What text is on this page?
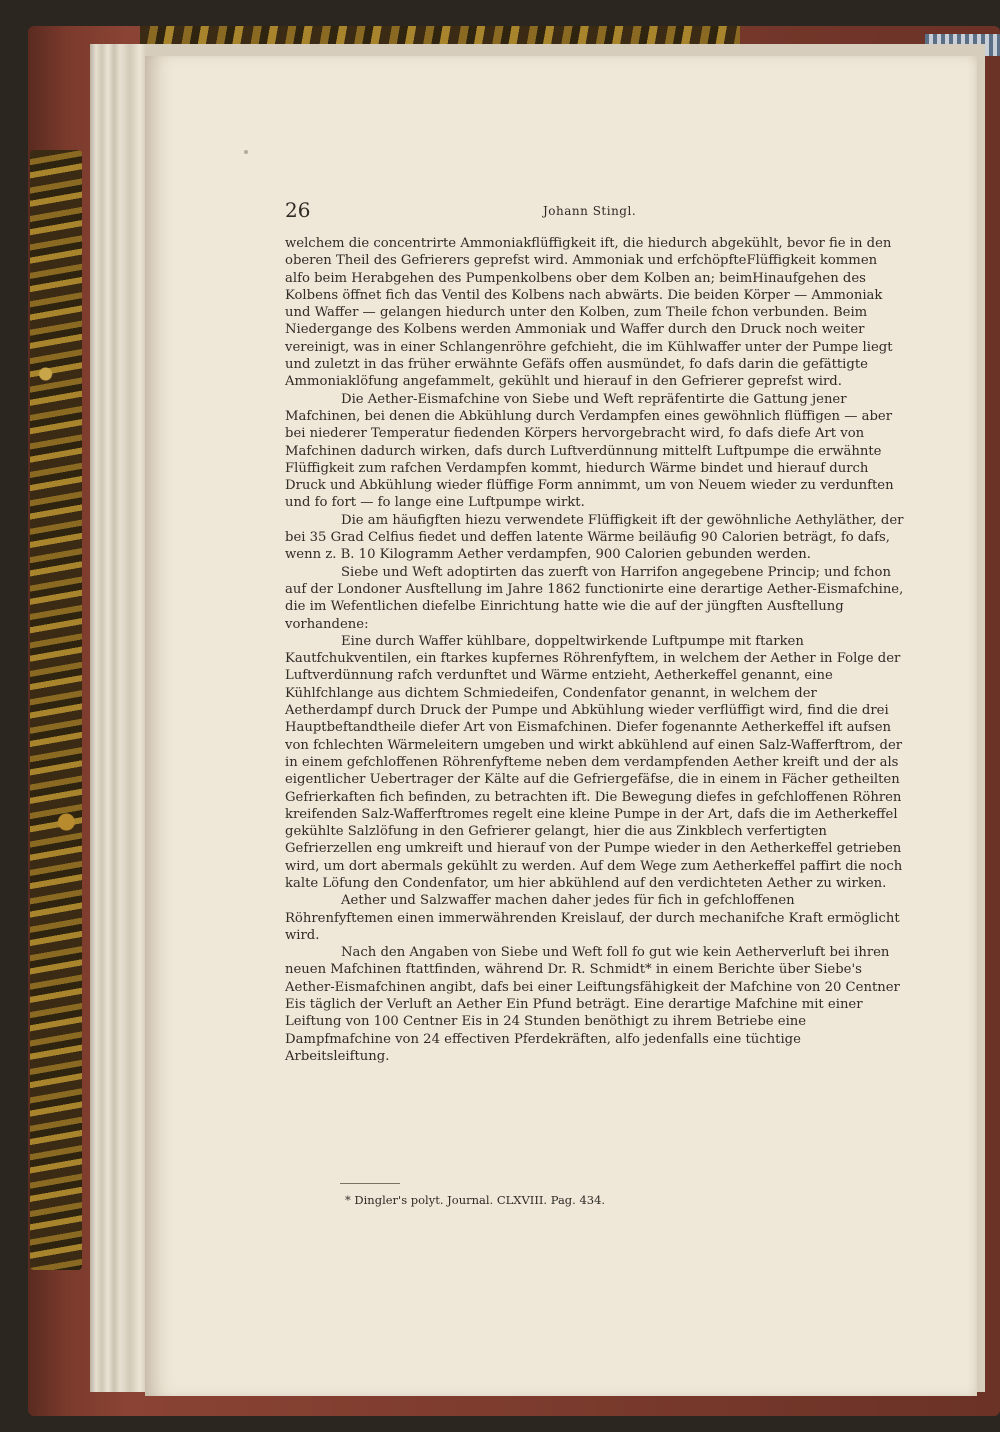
26	Johann Stingl.

welchem die concentrirte Ammoniakflüffigkeit ift, die hiedurch abgekühlt, bevor fie in den oberen Theil des Gefrierers geprefst wird. Ammoniak und erfchöpfteFlüffigkeit kommen alfo beim Herabgehen des Pumpenkolbens ober dem Kolben an; beimHinaufgehen des Kolbens öffnet fich das Ventil des Kolbens nach abwärts. Die beiden Körper — Ammoniak und Waffer — gelangen hiedurch unter den Kolben, zum Theile fchon verbunden. Beim Niedergange des Kolbens werden Ammoniak und Waffer durch den Druck noch weiter vereinigt, was in einer Schlangenröhre gefchieht, die im Kühlwaffer unter der Pumpe liegt und zuletzt in das früher erwähnte Gefäfs offen ausmündet, fo dafs darin die gefättigte Ammoniaklöfung angefammelt, gekühlt und hierauf in den Gefrierer geprefst wird.

Die Aether-Eismafchine von Siebe und Weft repräfentirte die Gattung jener Mafchinen, bei denen die Abkühlung durch Verdampfen eines gewöhnlich flüffigen — aber bei niederer Temperatur fiedenden Körpers hervorgebracht wird, fo dafs diefe Art von Mafchinen dadurch wirken, dafs durch Luftverdünnung mittelft Luftpumpe die erwähnte Flüffigkeit zum rafchen Verdampfen kommt, hiedurch Wärme bindet und hierauf durch Druck und Abkühlung wieder flüffige Form annimmt, um von Neuem wieder zu verdunften und fo fort — fo lange eine Luftpumpe wirkt.

Die am häufigften hiezu verwendete Flüffigkeit ift der gewöhnliche Aethyläther, der bei 35 Grad Celfius fiedet und deffen latente Wärme beiläufig 90 Calorien beträgt, fo dafs, wenn z. B. 10 Kilogramm Aether verdampfen, 900 Calorien gebunden werden.

Siebe und Weft adoptirten das zuerft von Harrifon angegebene Princip; und fchon auf der Londoner Ausftellung im Jahre 1862 functionirte eine derartige Aether-Eismafchine, die im Wefentlichen diefelbe Einrichtung hatte wie die auf der jüngften Ausftellung vorhandene:

Eine durch Waffer kühlbare, doppeltwirkende Luftpumpe mit ftarken Kautfchukventilen, ein ftarkes kupfernes Röhrenfyftem, in welchem der Aether in Folge der Luftverdünnung rafch verdunftet und Wärme entzieht, Aetherkeffel genannt, eine Kühlfchlange aus dichtem Schmiedeifen, Condenfator genannt, in welchem der Aetherdampf durch Druck der Pumpe und Abkühlung wieder verflüffigt wird, find die drei Hauptbeftandtheile diefer Art von Eismafchinen. Diefer fogenannte Aetherkeffel ift aufsen von fchlechten Wärmeleitern umgeben und wirkt abkühlend auf einen Salz-Wafferftrom, der in einem gefchloffenen Röhrenfyfteme neben dem verdampfenden Aether kreift und der als eigentlicher Uebertrager der Kälte auf die Gefriergefäfse, die in einem in Fächer getheilten Gefrierkaften fich befinden, zu betrachten ift. Die Bewegung diefes in gefchloffenen Röhren kreifenden Salz-Wafferftromes regelt eine kleine Pumpe in der Art, dafs die im Aetherkeffel gekühlte Salzlöfung in den Gefrierer gelangt, hier die aus Zinkblech verfertigten Gefrierzellen eng umkreift und hierauf von der Pumpe wieder in den Aetherkeffel getrieben wird, um dort abermals gekühlt zu werden. Auf dem Wege zum Aetherkeffel paffirt die noch kalte Löfung den Condenfator, um hier abkühlend auf den verdichteten Aether zu wirken.

Aether und Salzwaffer machen daher jedes für fich in gefchloffenen Röhrenfyftemen einen immerwährenden Kreislauf, der durch mechanifche Kraft ermöglicht wird.

Nach den Angaben von Siebe und Weft foll fo gut wie kein Aetherverluft bei ihren neuen Mafchinen ftattfinden, während Dr. R. Schmidt* in einem Berichte über Siebe's Aether-Eismafchinen angibt, dafs bei einer Leiftungsfähigkeit der Mafchine von 20 Centner Eis täglich der Verluft an Aether Ein Pfund beträgt. Eine derartige Mafchine mit einer Leiftung von 100 Centner Eis in 24 Stunden benöthigt zu ihrem Betriebe eine Dampfmafchine von 24 effectiven Pferdekräften, alfo jedenfalls eine tüchtige Arbeitsleiftung.

* Dingler's polyt. Journal. CLXVIII. Pag. 434.
